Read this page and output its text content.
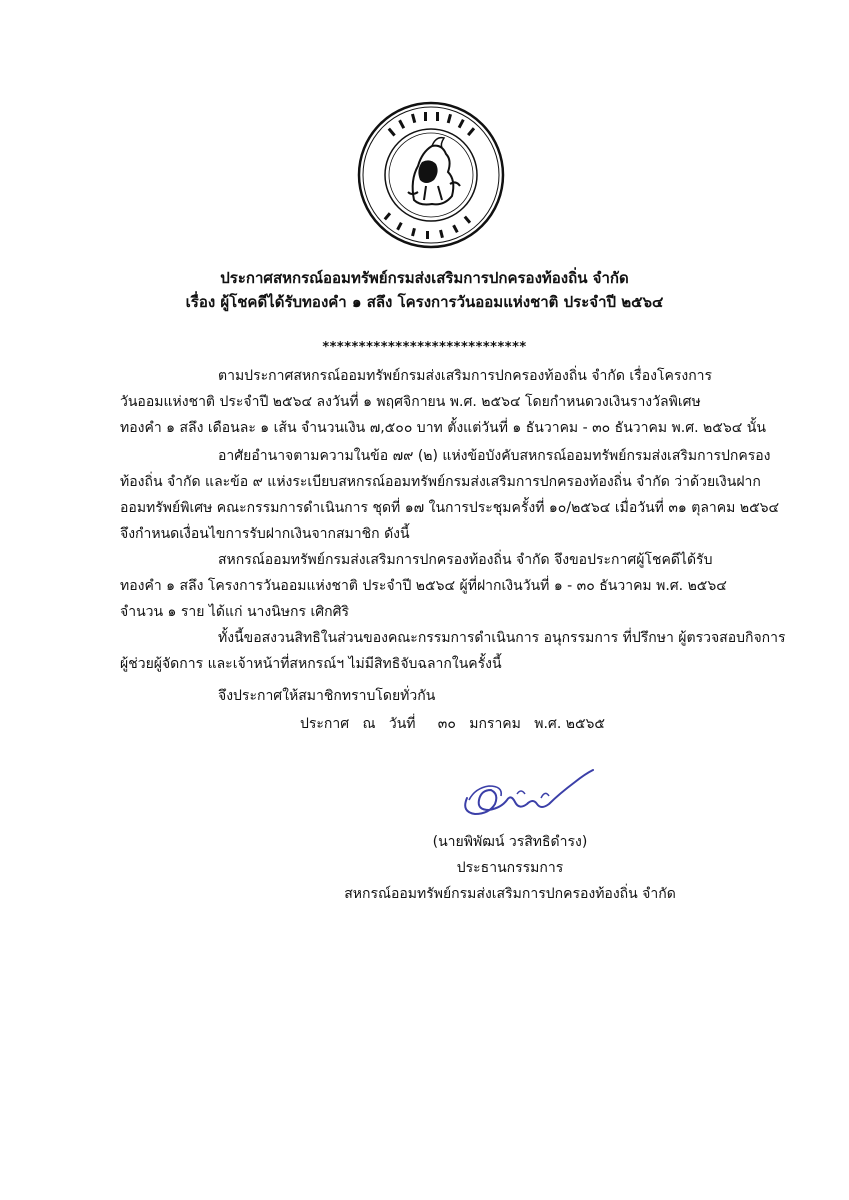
ประกาศสหกรณ์ออมทรัพย์กรมส่งเสริมการปกครองท้องถิ่น จำกัด
เรื่อง ผู้โชคดีได้รับทองคำ ๑ สลึง โครงการวันออมแห่งชาติ ประจำปี ๒๕๖๔
****************************
ตามประกาศสหกรณ์ออมทรัพย์กรมส่งเสริมการปกครองท้องถิ่น จำกัด เรื่องโครงการ
วันออมแห่งชาติ ประจำปี ๒๕๖๔ ลงวันที่ ๑ พฤศจิกายน พ.ศ. ๒๕๖๔ โดยกำหนดวงเงินรางวัลพิเศษ
ทองคำ ๑ สลึง เดือนละ ๑ เส้น จำนวนเงิน ๗,๕๐๐ บาท ตั้งแต่วันที่ ๑ ธันวาคม - ๓๐ ธันวาคม พ.ศ. ๒๕๖๔ นั้น
อาศัยอำนาจตามความในข้อ ๗๙ (๒) แห่งข้อบังคับสหกรณ์ออมทรัพย์กรมส่งเสริมการปกครอง
ท้องถิ่น จำกัด และข้อ ๙ แห่งระเบียบสหกรณ์ออมทรัพย์กรมส่งเสริมการปกครองท้องถิ่น จำกัด ว่าด้วยเงินฝาก
ออมทรัพย์พิเศษ คณะกรรมการดำเนินการ ชุดที่ ๑๗ ในการประชุมครั้งที่ ๑๐/๒๕๖๔ เมื่อวันที่ ๓๑ ตุลาคม ๒๕๖๔
จึงกำหนดเงื่อนไขการรับฝากเงินจากสมาชิก ดังนี้
สหกรณ์ออมทรัพย์กรมส่งเสริมการปกครองท้องถิ่น จำกัด จึงขอประกาศผู้โชคดีได้รับ
ทองคำ ๑ สลึง โครงการวันออมแห่งชาติ ประจำปี ๒๕๖๔ ผู้ที่ฝากเงินวันที่ ๑ - ๓๐ ธันวาคม พ.ศ. ๒๕๖๔
จำนวน ๑ ราย ได้แก่ นางนิษกร เศิกศิริ
ทั้งนี้ขอสงวนสิทธิในส่วนของคณะกรรมการดำเนินการ อนุกรรมการ ที่ปรึกษา ผู้ตรวจสอบกิจการ
ผู้ช่วยผู้จัดการ และเจ้าหน้าที่สหกรณ์ฯ ไม่มีสิทธิจับฉลากในครั้งนี้
จึงประกาศให้สมาชิกทราบโดยทั่วกัน
ประกาศ   ณ   วันที่     ๓๐   มกราคม   พ.ศ. ๒๕๖๕
(นายพิพัฒน์ วรสิทธิดำรง)
ประธานกรรมการ
สหกรณ์ออมทรัพย์กรมส่งเสริมการปกครองท้องถิ่น จำกัด
